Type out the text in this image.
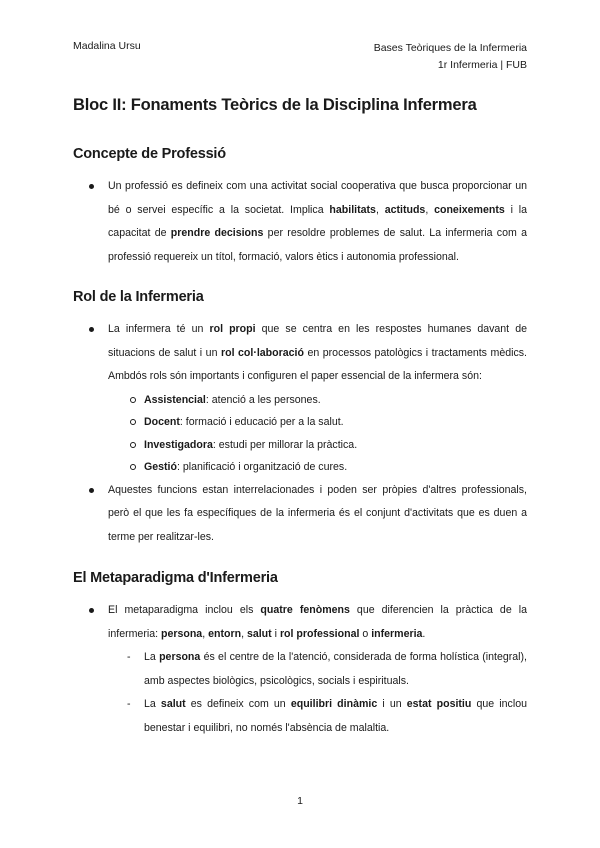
Madalina Ursu	Bases Teòriques de la Infermeria
1r Infermeria | FUB
Bloc II: Fonaments Teòrics de la Disciplina Infermera
Concepte de Professió
Un professió es defineix com una activitat social cooperativa que busca proporcionar un bé o servei específic a la societat. Implica habilitats, actituds, coneixements i la capacitat de prendre decisions per resoldre problemes de salut. La infermeria com a professió requereix un títol, formació, valors ètics i autonomia professional.
Rol de la Infermeria
La infermera té un rol propi que se centra en les respostes humanes davant de situacions de salut i un rol col·laboració en processos patològics i tractaments mèdics. Ambdós rols són importants i configuren el paper essencial de la infermera són:
Assistencial: atenció a les persones.
Docent: formació i educació per a la salut.
Investigadora: estudi per millorar la pràctica.
Gestió: planificació i organització de cures.
Aquestes funcions estan interrelacionades i poden ser pròpies d'altres professionals, però el que les fa específiques de la infermeria és el conjunt d'activitats que es duen a terme per realitzar-les.
El Metaparadigma d'Infermeria
El metaparadigma inclou els quatre fenòmens que diferencien la pràctica de la infermeria: persona, entorn, salut i rol professional o infermeria.
- La persona és el centre de la l'atenció, considerada de forma holística (integral), amb aspectes biològics, psicològics, socials i espirituals.
- La salut es defineix com un equilibri dinàmic i un estat positiu que inclou benestar i equilibri, no només l'absència de malaltia.
1
